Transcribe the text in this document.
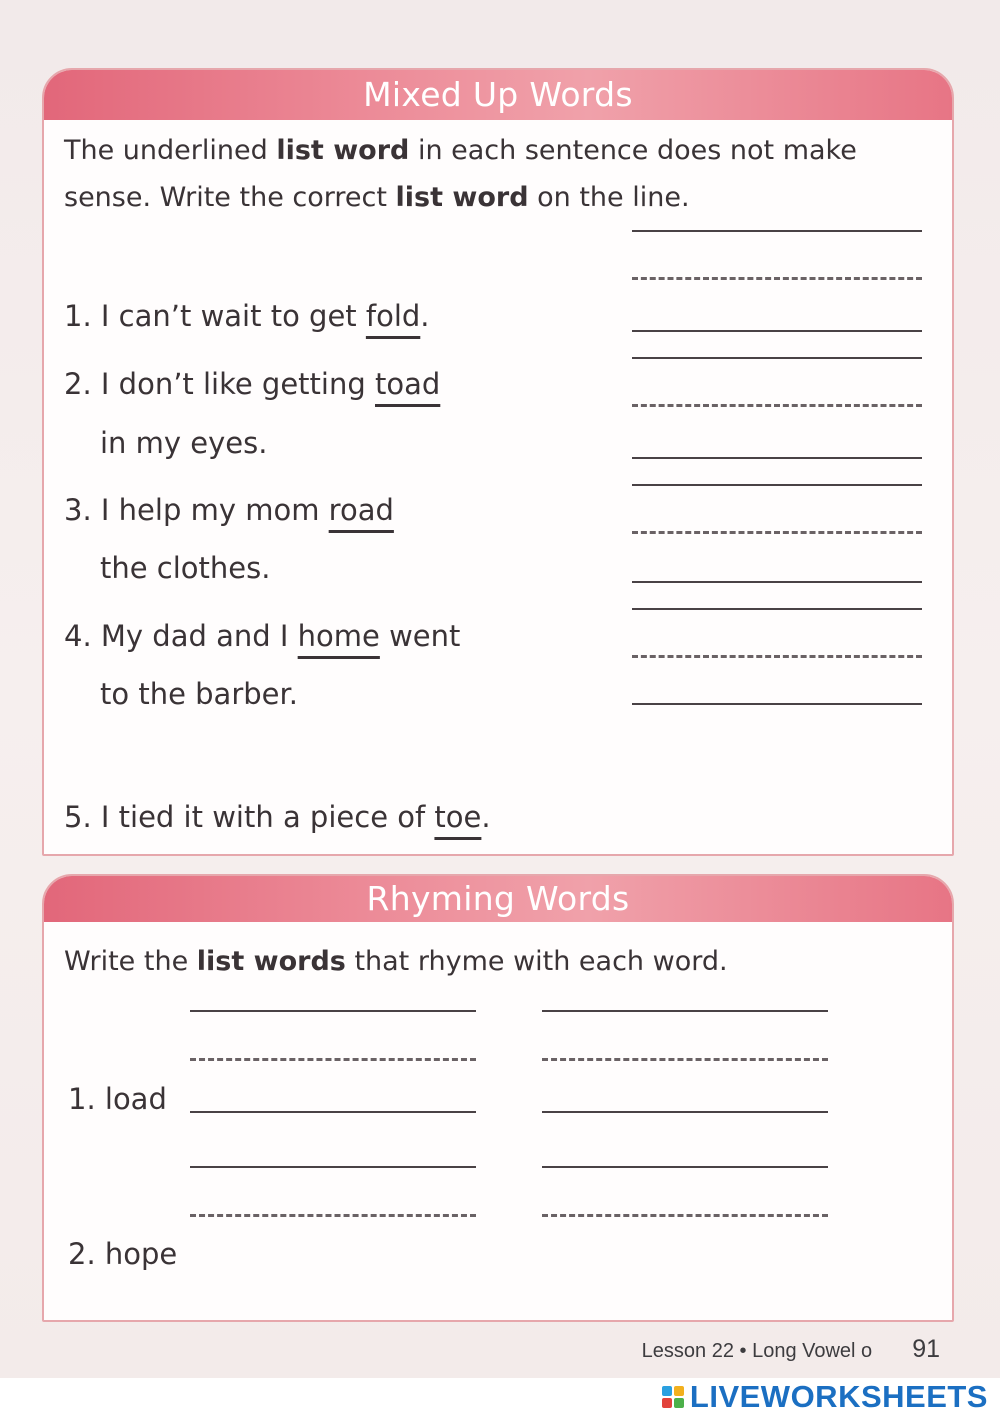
Mixed Up Words
The underlined list word in each sentence does not make sense. Write the correct list word on the line.
1. I can’t wait to get fold.
2. I don’t like getting toad
in my eyes.
3. I help my mom road
the clothes.
4. My dad and I home went
to the barber.
5. I tied it with a piece of toe.
Rhyming Words
Write the list words that rhyme with each word.
1. load
2. hope
Lesson 22 • Long Vowel o 91
LIVEWORKSHEETS
